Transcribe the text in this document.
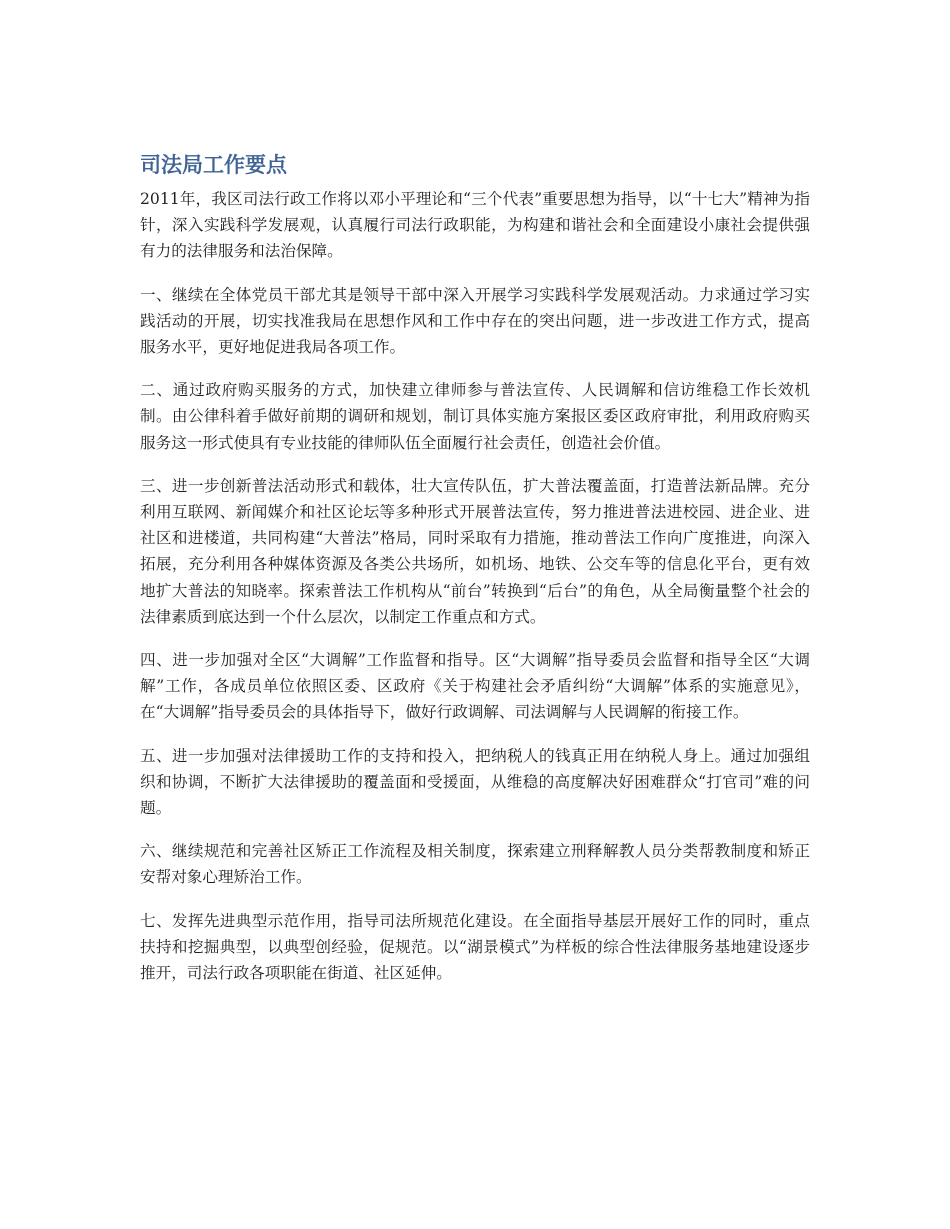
司法局工作要点

2011年，我区司法行政工作将以邓小平理论和“三个代表”重要思想为指导，以“十七大”精神为指针，深入实践科学发展观，认真履行司法行政职能，为构建和谐社会和全面建设小康社会提供强有力的法律服务和法治保障。

一、继续在全体党员干部尤其是领导干部中深入开展学习实践科学发展观活动。力求通过学习实践活动的开展，切实找准我局在思想作风和工作中存在的突出问题，进一步改进工作方式，提高服务水平，更好地促进我局各项工作。

二、通过政府购买服务的方式，加快建立律师参与普法宣传、人民调解和信访维稳工作长效机制。由公律科着手做好前期的调研和规划，制订具体实施方案报区委区政府审批，利用政府购买服务这一形式使具有专业技能的律师队伍全面履行社会责任，创造社会价值。

三、进一步创新普法活动形式和载体，壮大宣传队伍，扩大普法覆盖面，打造普法新品牌。充分利用互联网、新闻媒介和社区论坛等多种形式开展普法宣传，努力推进普法进校园、进企业、进社区和进楼道，共同构建“大普法”格局，同时采取有力措施，推动普法工作向广度推进，向深入拓展，充分利用各种媒体资源及各类公共场所，如机场、地铁、公交车等的信息化平台，更有效地扩大普法的知晓率。探索普法工作机构从“前台”转换到“后台”的角色，从全局衡量整个社会的法律素质到底达到一个什么层次，以制定工作重点和方式。

四、进一步加强对全区“大调解”工作监督和指导。区“大调解”指导委员会监督和指导全区“大调解”工作，各成员单位依照区委、区政府《关于构建社会矛盾纠纷“大调解”体系的实施意见》，在“大调解”指导委员会的具体指导下，做好行政调解、司法调解与人民调解的衔接工作。

五、进一步加强对法律援助工作的支持和投入，把纳税人的钱真正用在纳税人身上。通过加强组织和协调，不断扩大法律援助的覆盖面和受援面，从维稳的高度解决好困难群众“打官司”难的问题。

六、继续规范和完善社区矫正工作流程及相关制度，探索建立刑释解教人员分类帮教制度和矫正安帮对象心理矫治工作。

七、发挥先进典型示范作用，指导司法所规范化建设。在全面指导基层开展好工作的同时，重点扶持和挖掘典型，以典型创经验，促规范。以“湖景模式”为样板的综合性法律服务基地建设逐步推开，司法行政各项职能在街道、社区延伸。
